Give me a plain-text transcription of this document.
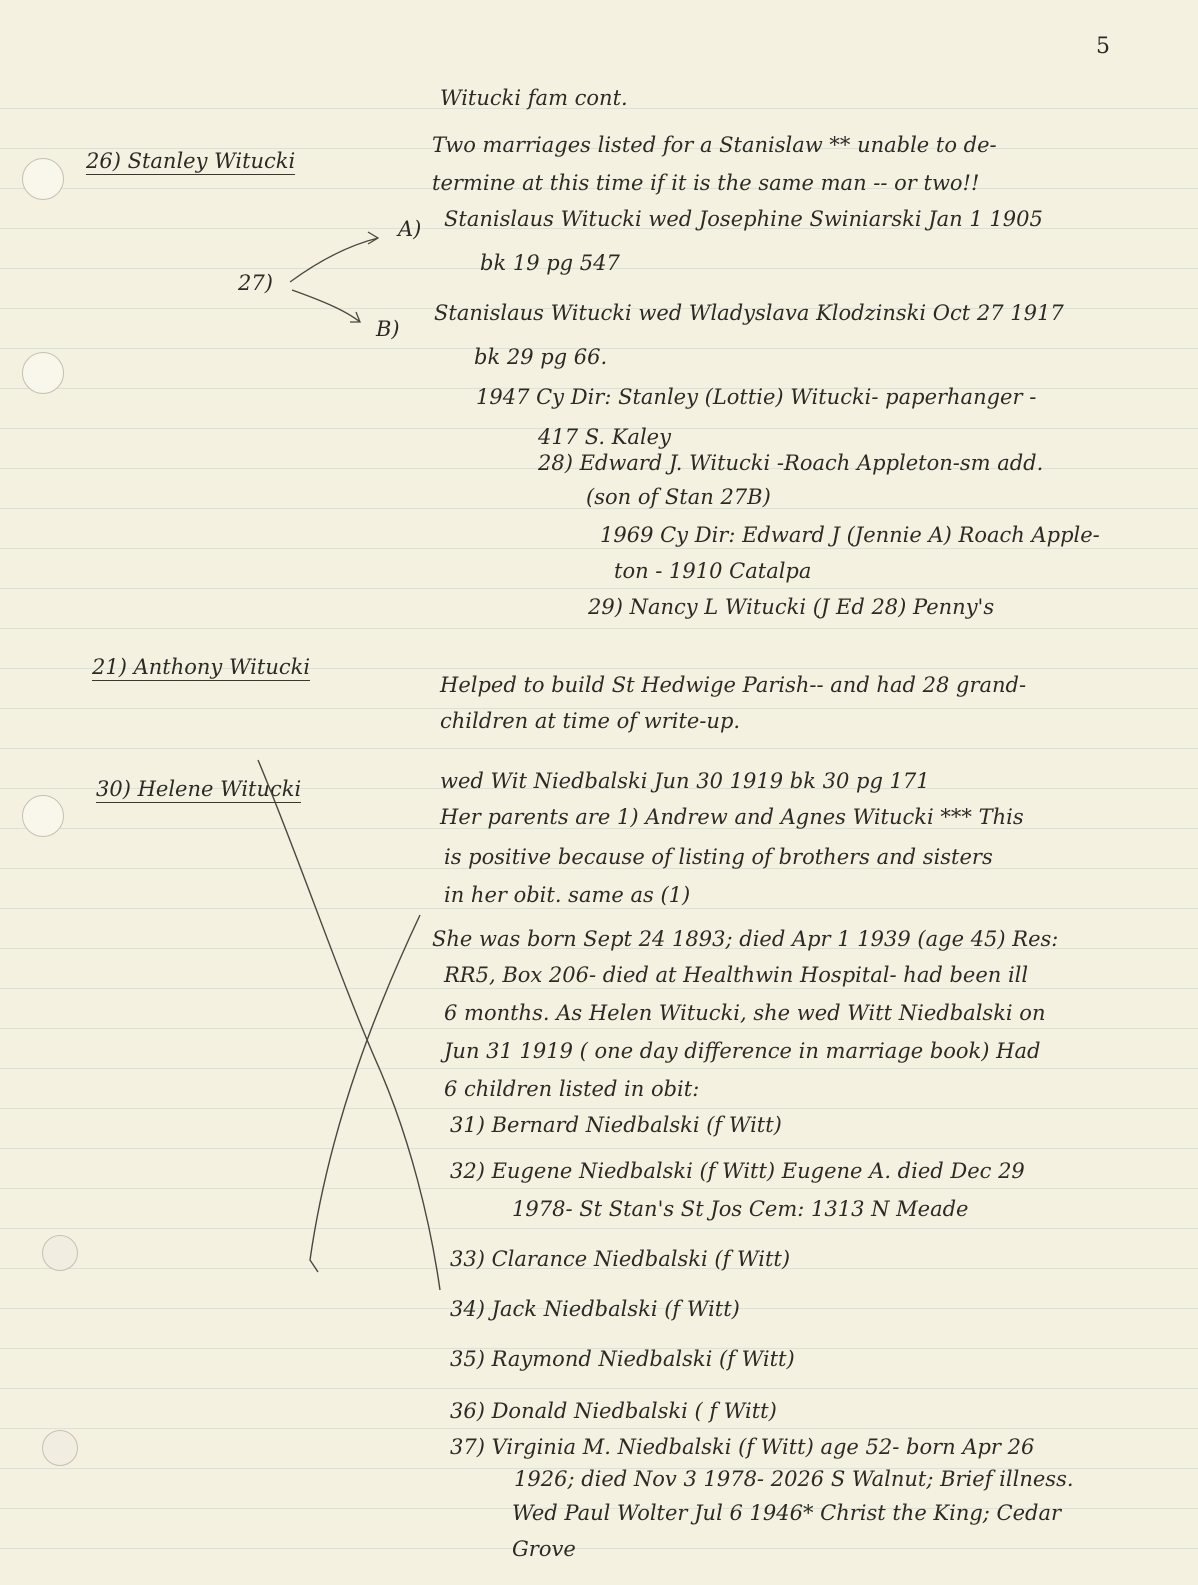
5
Witucki fam cont.
26) Stanley Witucki
Two marriages listed for a Stanislaw ** unable to de-
termine at this time if it is the same man -- or two!!
27)
A) Stanislaus Witucki wed Josephine Swiniarski Jan 1 1905
bk 19 pg 547
B)
Stanislaus Witucki wed Wladyslava Klodzinski Oct 27 1917
bk 29 pg 66.
1947 Cy Dir: Stanley (Lottie) Witucki- paperhanger -
417 S. Kaley
28) Edward J. Witucki -Roach Appleton-sm add.
(son of Stan 27B)
1969 Cy Dir: Edward J (Jennie A) Roach Apple-
ton - 1910 Catalpa
29) Nancy L Witucki (J Ed 28) Penny's
21) Anthony Witucki
Helped to build St Hedwige Parish-- and had 28 grand-
children at time of write-up.
30) Helene Witucki	wed Wit Niedbalski Jun 30 1919 bk 30 pg 171
Her parents are 1) Andrew and Agnes Witucki *** This
is positive because of listing of brothers and sisters
in her obit. same as (1)
She was born Sept 24 1893; died Apr 1 1939 (age 45) Res:
RR5, Box 206- died at Healthwin Hospital- had been ill
6 months. As Helen Witucki, she wed Witt Niedbalski on
Jun 31 1919 ( one day difference in marriage book) Had
6 children listed in obit:
31) Bernard Niedbalski (f Witt)
32) Eugene Niedbalski (f Witt) Eugene A. died Dec 29
1978- St Stan's St Jos Cem: 1313 N Meade
33) Clarance Niedbalski (f Witt)
34) Jack Niedbalski (f Witt)
35) Raymond Niedbalski (f Witt)
36) Donald Niedbalski ( f Witt)
37) Virginia M. Niedbalski (f Witt) age 52- born Apr 26
1926; died Nov 3 1978- 2026 S Walnut; Brief illness.
Wed Paul Wolter Jul 6 1946* Christ the King; Cedar
Grove
